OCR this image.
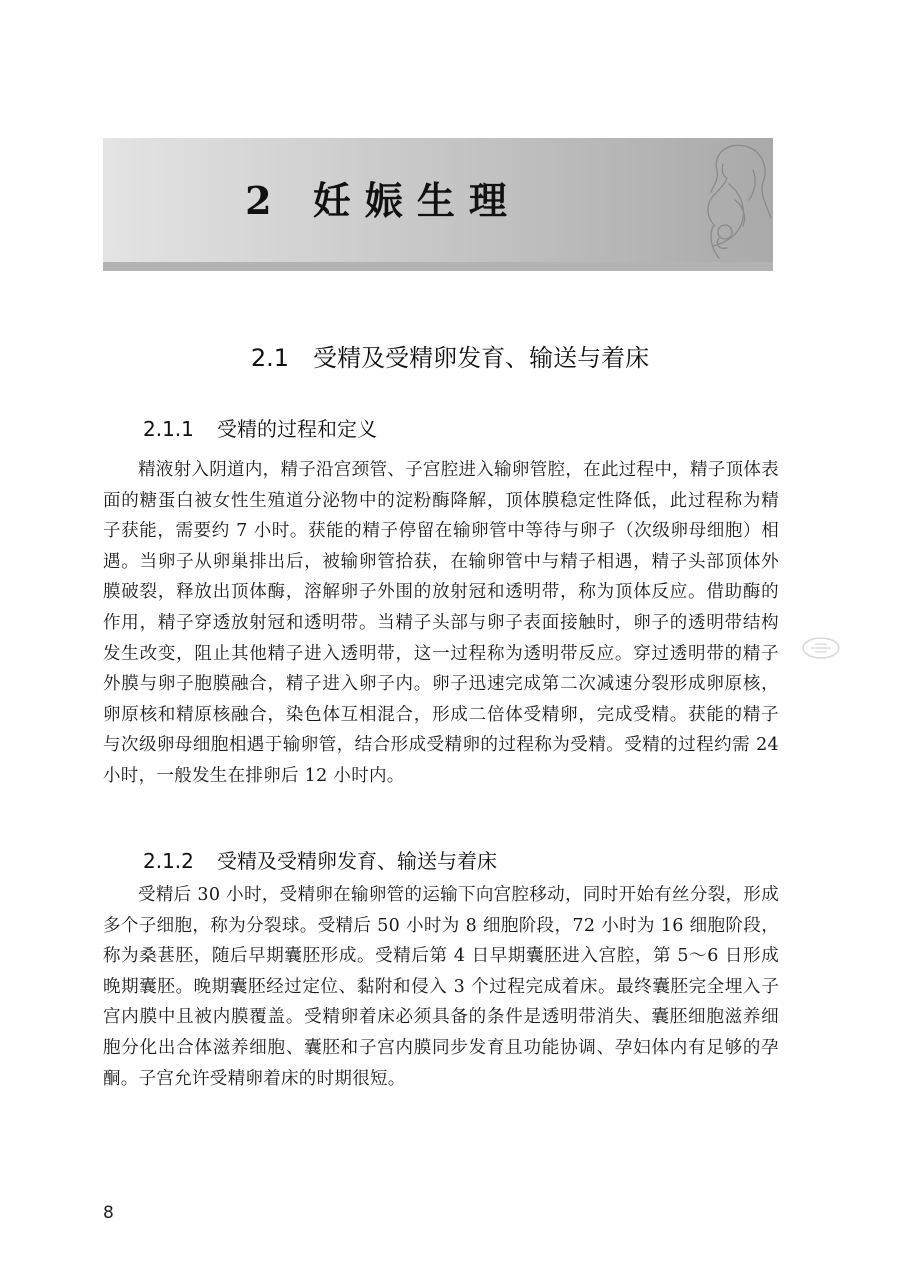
2 妊娠生理
2.1　受精及受精卵发育、输送与着床
2.1.1 受精的过程和定义

精液射入阴道内，精子沿宫颈管、子宫腔进入输卵管腔，在此过程中，精子顶体表面的糖蛋白被女性生殖道分泌物中的淀粉酶降解，顶体膜稳定性降低，此过程称为精子获能，需要约 7 小时。获能的精子停留在输卵管中等待与卵子（次级卵母细胞）相遇。当卵子从卵巢排出后，被输卵管拾获，在输卵管中与精子相遇，精子头部顶体外膜破裂，释放出顶体酶，溶解卵子外围的放射冠和透明带，称为顶体反应。借助酶的作用，精子穿透放射冠和透明带。当精子头部与卵子表面接触时，卵子的透明带结构发生改变，阻止其他精子进入透明带，这一过程称为透明带反应。穿过透明带的精子外膜与卵子胞膜融合，精子进入卵子内。卵子迅速完成第二次减速分裂形成卵原核，卵原核和精原核融合，染色体互相混合，形成二倍体受精卵，完成受精。获能的精子与次级卵母细胞相遇于输卵管，结合形成受精卵的过程称为受精。受精的过程约需 24 小时，一般发生在排卵后 12 小时内。

2.1.2 受精及受精卵发育、输送与着床

受精后 30 小时，受精卵在输卵管的运输下向宫腔移动，同时开始有丝分裂，形成多个子细胞，称为分裂球。受精后 50 小时为 8 细胞阶段，72 小时为 16 细胞阶段，称为桑葚胚，随后早期囊胚形成。受精后第 4 日早期囊胚进入宫腔，第 5～6 日形成晚期囊胚。晚期囊胚经过定位、黏附和侵入 3 个过程完成着床。最终囊胚完全埋入子宫内膜中且被内膜覆盖。受精卵着床必须具备的条件是透明带消失、囊胚细胞滋养细胞分化出合体滋养细胞、囊胚和子宫内膜同步发育且功能协调、孕妇体内有足够的孕酮。子宫允许受精卵着床的时期很短。

8
